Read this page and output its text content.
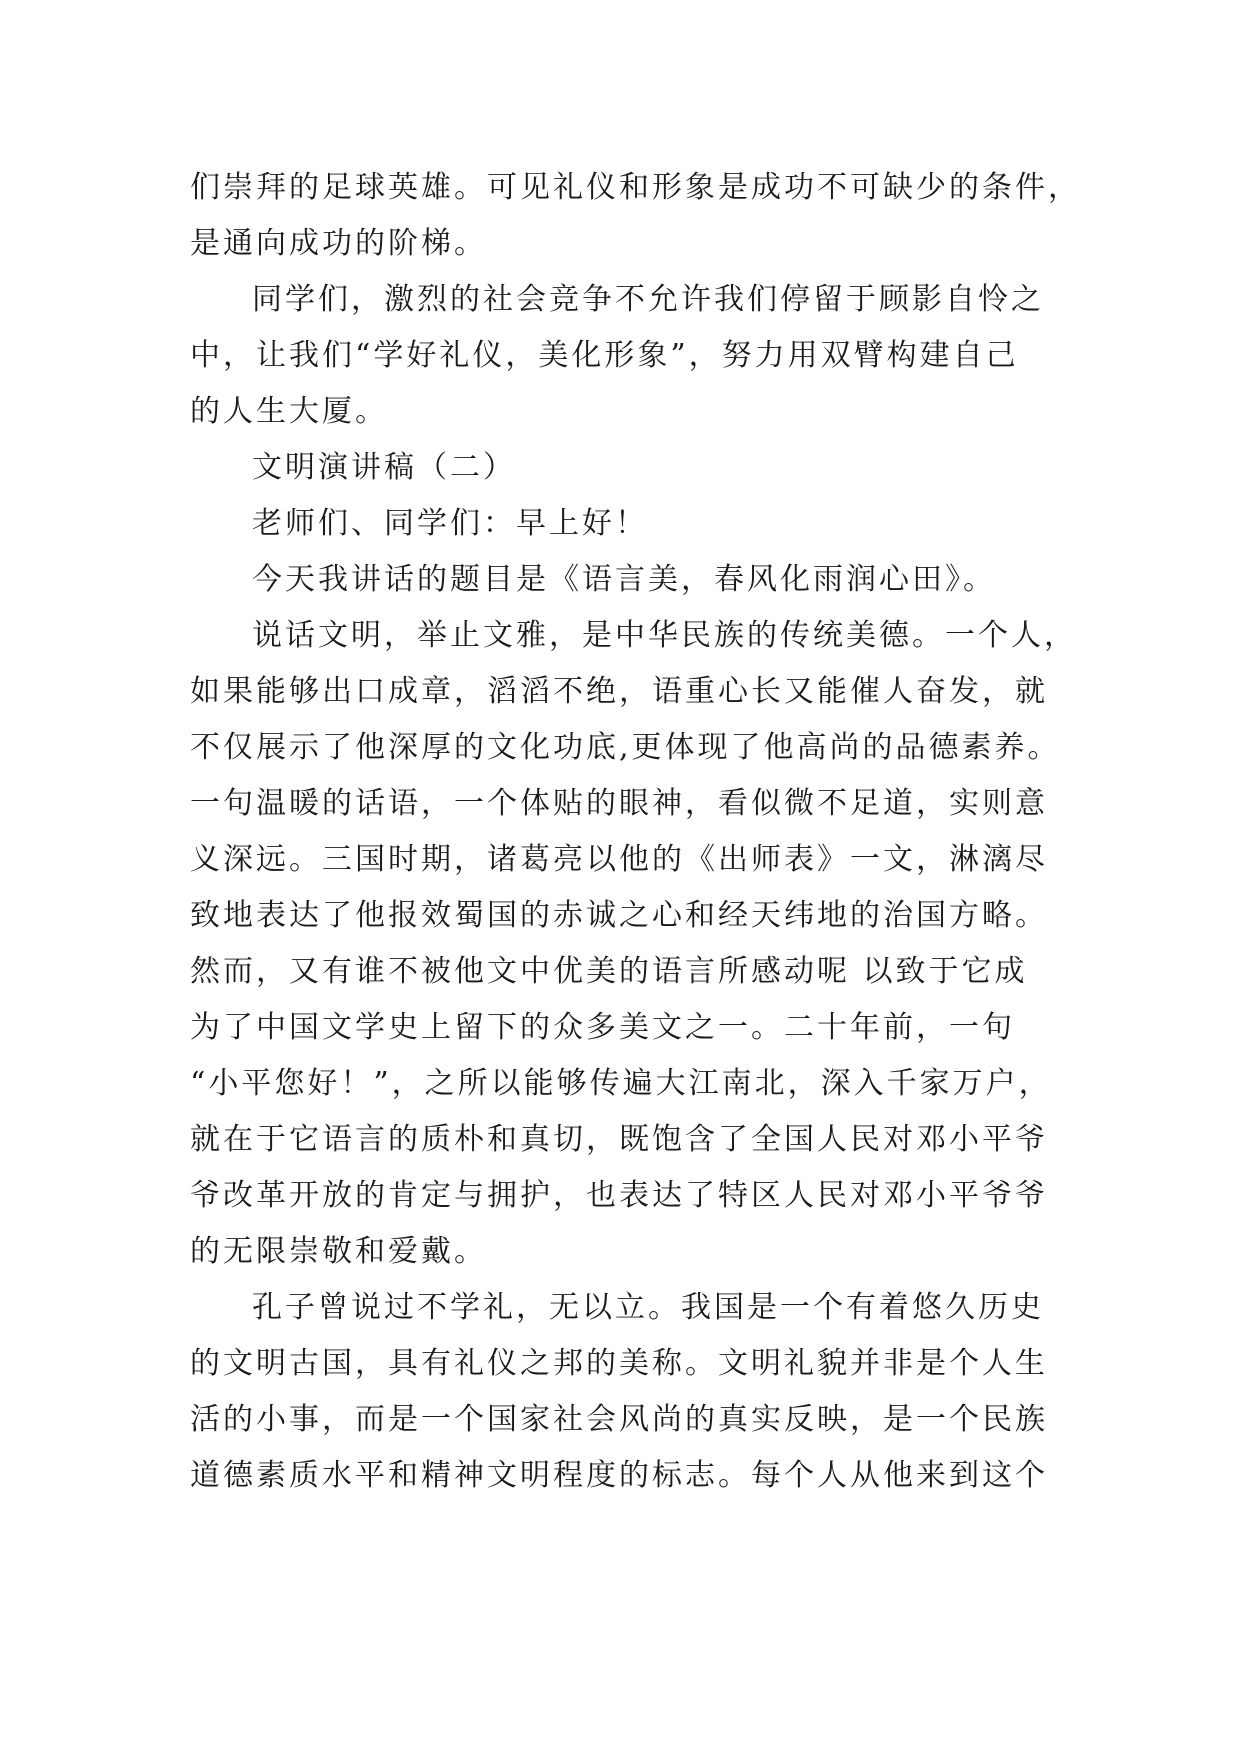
们崇拜的足球英雄。可见礼仪和形象是成功不可缺少的条件，
是通向成功的阶梯。
同学们，激烈的社会竞争不允许我们停留于顾影自怜之
中，让我们“学好礼仪，美化形象”，努力用双臂构建自己
的人生大厦。
文明演讲稿（二）
老师们、同学们：早上好！
今天我讲话的题目是《语言美，春风化雨润心田》。
说话文明，举止文雅，是中华民族的传统美德。一个人，
如果能够出口成章，滔滔不绝，语重心长又能催人奋发，就
不仅展示了他深厚的文化功底,更体现了他高尚的品德素养。
一句温暖的话语，一个体贴的眼神，看似微不足道，实则意
义深远。三国时期，诸葛亮以他的《出师表》一文，淋漓尽
致地表达了他报效蜀国的赤诚之心和经天纬地的治国方略。
然而，又有谁不被他文中优美的语言所感动呢 以致于它成
为了中国文学史上留下的众多美文之一。二十年前，一句
“小平您好！”，之所以能够传遍大江南北，深入千家万户，
就在于它语言的质朴和真切，既饱含了全国人民对邓小平爷
爷改革开放的肯定与拥护，也表达了特区人民对邓小平爷爷
的无限崇敬和爱戴。
孔子曾说过不学礼，无以立。我国是一个有着悠久历史
的文明古国，具有礼仪之邦的美称。文明礼貌并非是个人生
活的小事，而是一个国家社会风尚的真实反映，是一个民族
道德素质水平和精神文明程度的标志。每个人从他来到这个
